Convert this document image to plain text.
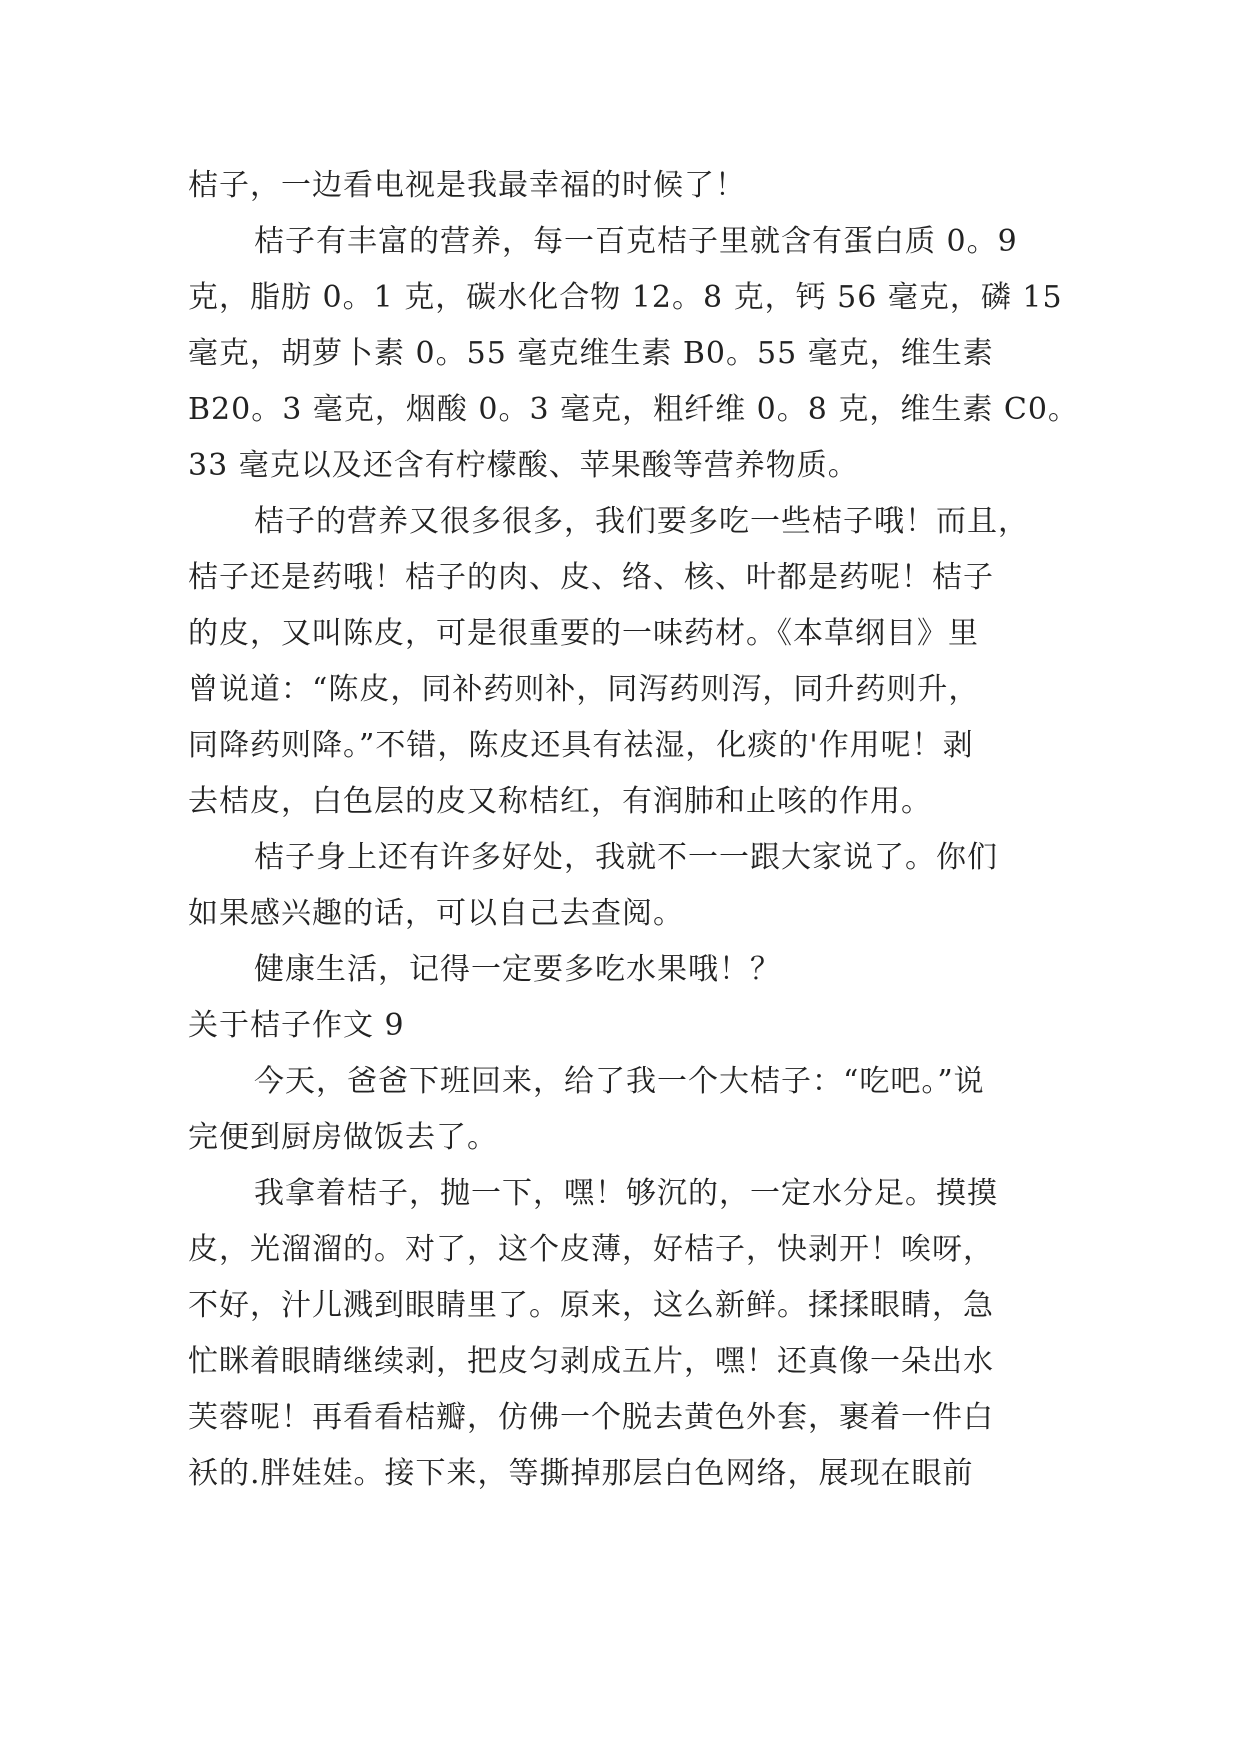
桔子，一边看电视是我最幸福的时候了！
桔子有丰富的营养，每一百克桔子里就含有蛋白质 0。9
克，脂肪 0。1 克，碳水化合物 12。8 克，钙 56 毫克，磷 15
毫克，胡萝卜素 0。55 毫克维生素 B0。55 毫克，维生素
B20。3 毫克，烟酸 0。3 毫克，粗纤维 0。8 克，维生素 C0。
33 毫克以及还含有柠檬酸、苹果酸等营养物质。
桔子的营养又很多很多，我们要多吃一些桔子哦！而且，
桔子还是药哦！桔子的肉、皮、络、核、叶都是药呢！桔子
的皮，又叫陈皮，可是很重要的一味药材。《本草纲目》里
曾说道：“陈皮，同补药则补，同泻药则泻，同升药则升，
同降药则降。”不错，陈皮还具有祛湿，化痰的'作用呢！剥
去桔皮，白色层的皮又称桔红，有润肺和止咳的作用。
桔子身上还有许多好处，我就不一一跟大家说了。你们
如果感兴趣的话，可以自己去查阅。
健康生活，记得一定要多吃水果哦！？
关于桔子作文 9
今天，爸爸下班回来，给了我一个大桔子：“吃吧。”说
完便到厨房做饭去了。
我拿着桔子，抛一下，嘿！够沉的，一定水分足。摸摸
皮，光溜溜的。对了，这个皮薄，好桔子，快剥开！唉呀，
不好，汁儿溅到眼睛里了。原来，这么新鲜。揉揉眼睛，急
忙眯着眼睛继续剥，把皮匀剥成五片，嘿！还真像一朵出水
芙蓉呢！再看看桔瓣，仿佛一个脱去黄色外套，裹着一件白
袄的.胖娃娃。接下来，等撕掉那层白色网络，展现在眼前
